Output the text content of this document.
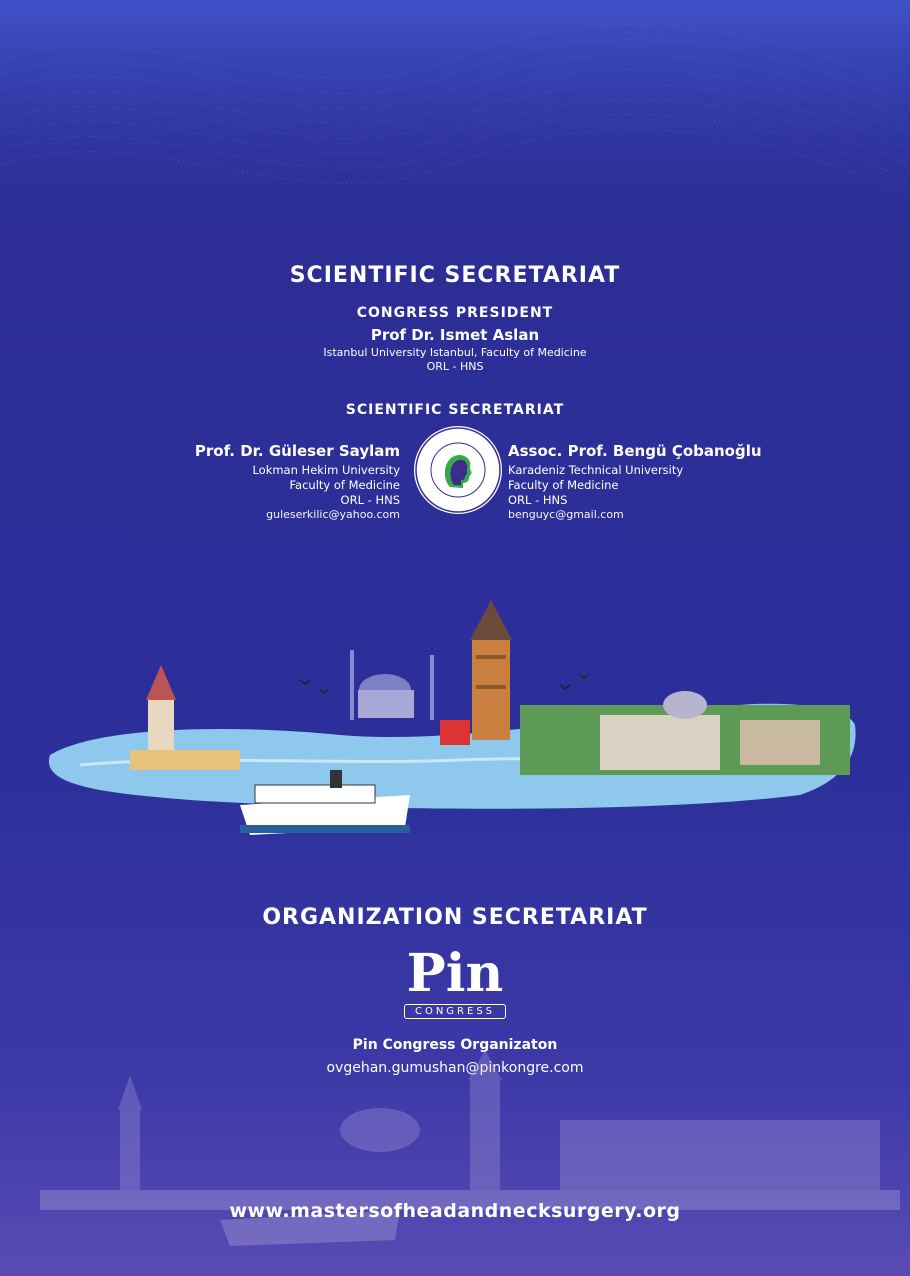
SCIENTIFIC SECRETARIAT
CONGRESS PRESIDENT
Prof Dr. Ismet Aslan
Istanbul University Istanbul, Faculty of Medicine
ORL - HNS
SCIENTIFIC SECRETARIAT
Prof. Dr. Güleser Saylam
Lokman Hekim University
Faculty of Medicine
ORL - HNS
guleserkilic@yahoo.com
Assoc. Prof. Bengü Çobanoğlu
Karadeniz Technical University
Faculty of Medicine
ORL - HNS
benguyc@gmail.com
ORGANIZATION SECRETARIAT
Pin
CONGRESS
Pin Congress Organizaton
ovgehan.gumushan@pinkongre.com
www.mastersofheadandnecksurgery.org
